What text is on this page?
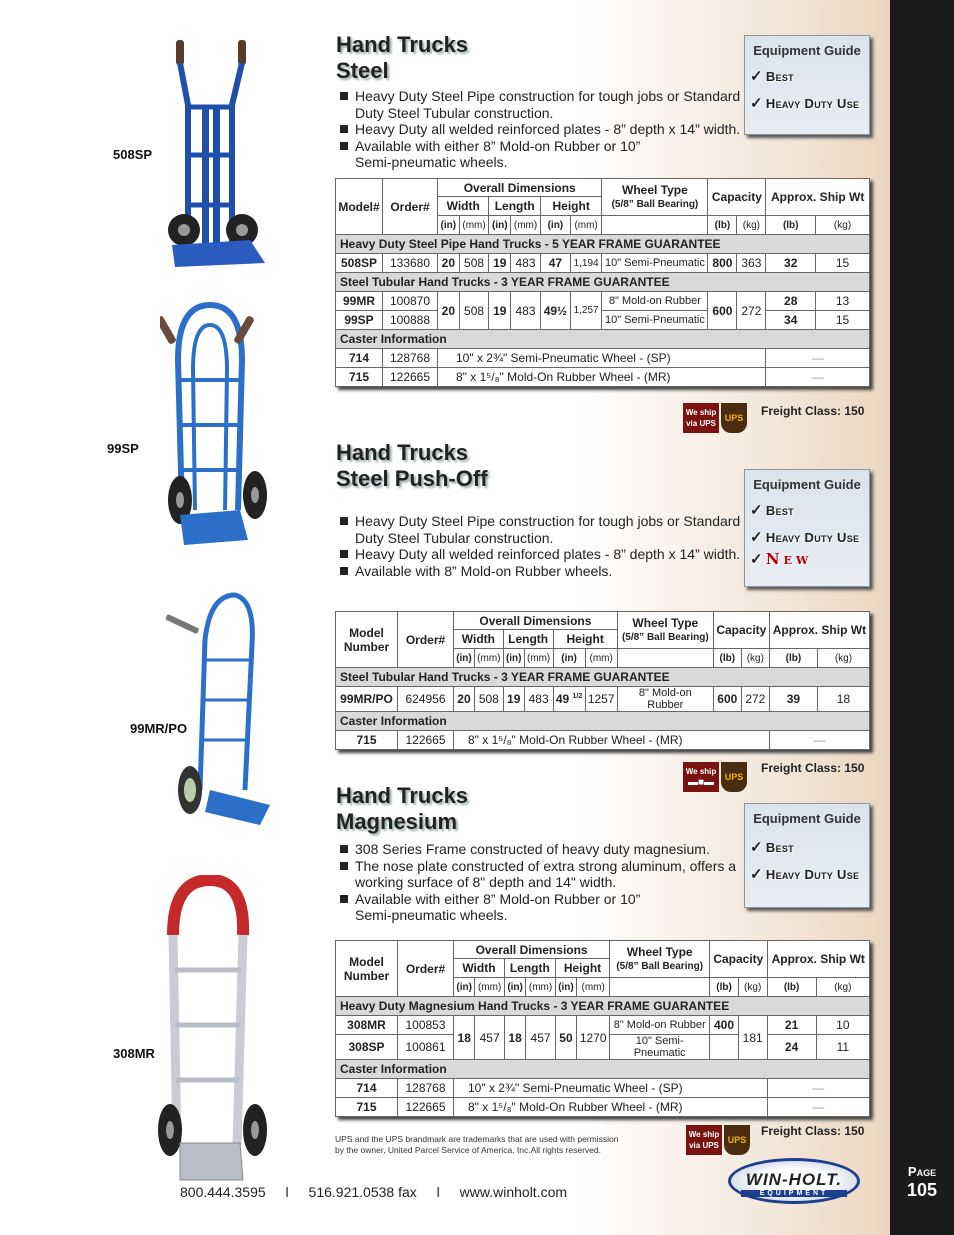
Page
105
508SP
99SP
99MR/PO
308MR
Hand Trucks
Steel
Heavy Duty Steel Pipe construction for tough jobs or Standard Duty Steel Tubular construction.
Heavy Duty all welded reinforced plates - 8” depth x 14” width.
Available with either 8” Mold-on Rubber or 10” Semi-pneumatic wheels.
Equipment Guide
✓ Best
✓ Heavy Duty Use
Model#	Order#	Overall Dimensions						Wheel Type
(5/8” Ball Bearing)	Capacity		Approx. Ship Wt	
		Width		Length		Height						
		(in)	(mm)	(in)	(mm)	(in)	(mm)		(lb)	(kg)	(lb)	(kg)
Heavy Duty Steel Pipe Hand Trucks - 5 YEAR FRAME GUARANTEE												
508SP	133680	20	508	19	483	47	1,194	10" Semi-Pneumatic	800	363	32	15
Steel Tubular Hand Trucks - 3 YEAR FRAME GUARANTEE												
99MR	100870	20	508	19	483	49½	1,257	8" Mold-on Rubber	600	272	28	13
99SP	100888							10" Semi-Pneumatic			34	15
Caster Information												
714	128768	10" x 2¾" Semi-Pneumatic Wheel - (SP)									—	
715	122665	8" x 1⁵/₈" Mold-On Rubber Wheel - (MR)									—	
We ship
via UPS
UPS	Freight Class: 150
Hand Trucks
Steel Push-Off
Heavy Duty Steel Pipe construction for tough jobs or Standard Duty Steel Tubular construction.
Heavy Duty all welded reinforced plates - 8” depth x 14” width.
Available with 8” Mold-on Rubber wheels.
Equipment Guide
✓ Best
✓ Heavy Duty Use
✓ New
Model Number	Order#	Overall Dimensions						Wheel Type
(5/8” Ball Bearing)	Capacity		Approx. Ship Wt	
		Width		Length		Height						
		(in)	(mm)	(in)	(mm)	(in)	(mm)		(lb)	(kg)	(lb)	(kg)
Steel Tubular Hand Trucks - 3 YEAR FRAME GUARANTEE												
99MR/PO	624956	20	508	19	483	49 $^{1/2}$	1257	8" Mold-on Rubber	600	272	39	18
Caster Information												
715	122665	8" x 1⁵/₈" Mold-On Rubber Wheel - (MR)									—	
We ship
▬■▬	UPS
Freight Class: 150
Hand Trucks
Magnesium
308 Series Frame constructed of heavy duty magnesium.
The nose plate constructed of extra strong aluminum, offers a working surface of 8" depth and 14" width.
Available with either 8” Mold-on Rubber or 10” Semi-pneumatic wheels.
Equipment Guide
✓ Best
✓ Heavy Duty Use
Model Number	Order#	Overall Dimensions						Wheel Type
(5/8” Ball Bearing)	Capacity		Approx. Ship Wt	
		Width		Length		Height						
		(in)	(mm)	(in)	(mm)	(in)	(mm)		(lb)	(kg)	(lb)	(kg)
Heavy Duty Magnesium Hand Trucks - 3 YEAR FRAME GUARANTEE												
308MR	100853	18	457	18	457	50	1270	8" Mold-on Rubber	400	181	21	10
308SP	100861							10" Semi-Pneumatic			24	11
Caster Information												
714	128768	10" x 2¾" Semi-Pneumatic Wheel - (SP)									—	
715	122665	8" x 1⁵/₈" Mold-On Rubber Wheel - (MR)									—	
UPS and the UPS brandmark are trademarks that are used with permission by the owner, United Parcel Service of America, Inc.All rights reserved.
We ship
via UPS
UPS
Freight Class: 150
800.444.3595 l 516.921.0538 fax l www.winholt.com
WIN-HOLT.
EQUIPMENT
